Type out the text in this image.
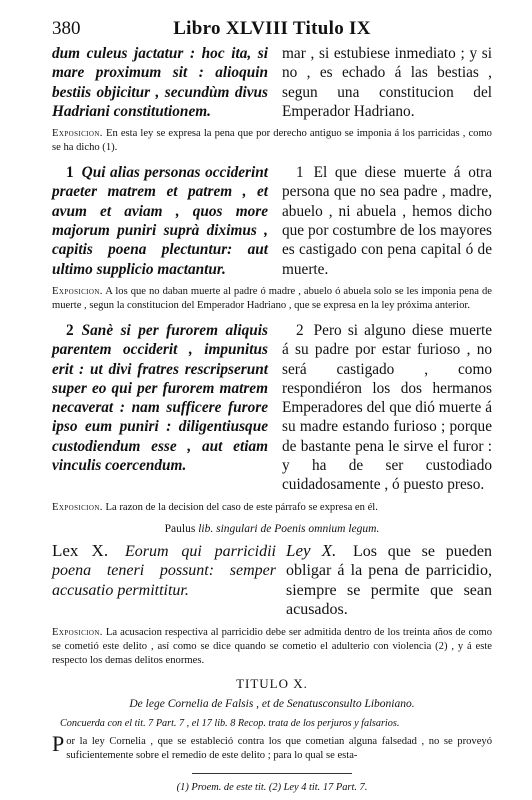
380	Libro XLVIII Titulo IX

dum culeus jactatur : hoc ita, si mare proximum sit : alioquin bestiis objicitur , secundùm divus Hadriani constitutionem.

mar , si estubiese inmediato ; y si no , es echado á las bestias , segun una constitucion del Emperador Hadriano.

Exposicion. En esta ley se expresa la pena que por derecho antiguo se imponia á los parricidas , como se ha dicho (1).

1 Qui alias personas occiderint praeter matrem et patrem , et avum et aviam , quos more majorum puniri suprà diximus , capitis poena plectuntur: aut ultimo supplicio mactantur.

1 El que diese muerte á otra persona que no sea padre , madre, abuelo , ni abuela , hemos dicho que por costumbre de los mayores es castigado con pena capital ó de muerte.

Exposicion. A los que no daban muerte al padre ó madre , abuelo ó abuela solo se les imponia pena de muerte , segun la constitucion del Emperador Hadriano , que se expresa en la ley próxima anterior.

2 Sanè si per furorem aliquis parentem occiderit , impunitus erit : ut divi fratres rescripserunt super eo qui per furorem matrem necaverat : nam sufficere furore ipso eum puniri : diligentiusque custodiendum esse , aut etiam vinculis coercendum.

2 Pero si alguno diese muerte á su padre por estar furioso , no será castigado , como respondiéron los dos hermanos Emperadores del que dió muerte á su madre estando furioso ; porque de bastante pena le sirve el furor : y ha de ser custodiado cuidadosamente , ó puesto preso.

Exposicion. La razon de la decision del caso de este párrafo se expresa en él.
Paulus lib. singulari de Poenis omnium legum.

Lex X. Eorum qui parricidii poena teneri possunt: semper accusatio permittitur.

Ley X. Los que se pueden obligar á la pena de parricidio, siempre se permite que sean acusados.

Exposicion. La acusacion respectiva al parricidio debe ser admitida dentro de los treinta años de como se cometió este delito , así como se dice quando se cometio el adulterio con violencia (2) , y á este respecto los demas delitos enormes.
TITULO X.
De lege Cornelia de Falsis , et de Senatusconsulto Liboniano.
Concuerda con el tit. 7 Part. 7 , el 17 lib. 8 Recop. trata de los perjuros y falsarios.
P or la ley Cornelia , que se estableció contra los que cometian alguna falsedad , no se proveyó suficientemente sobre el remedio de este delito ; para lo qual se esta-
(1) Proem. de este tit. (2) Ley 4 tit. 17 Part. 7.
